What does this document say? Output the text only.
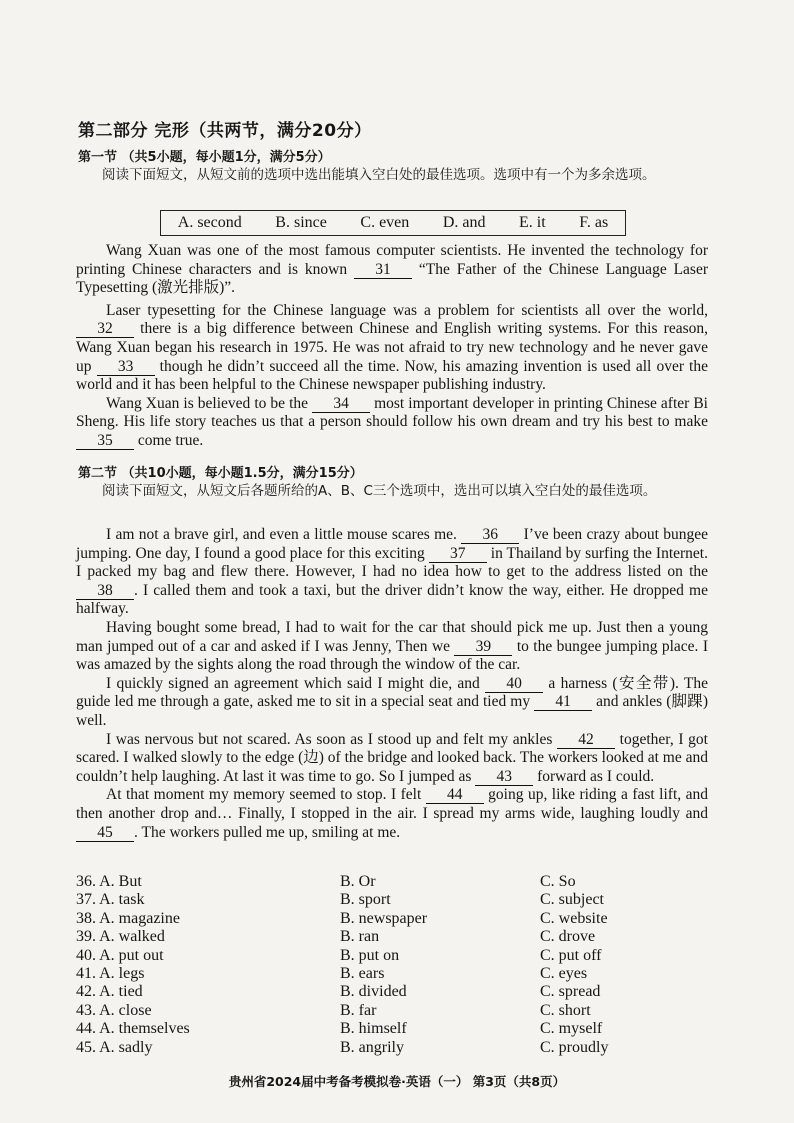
第二部分 完形（共两节，满分20分）
第一节 （共5小题，每小题1分，满分5分）
阅读下面短文，从短文前的选项中选出能填入空白处的最佳选项。选项中有一个为多余选项。
A. second B. since C. even D. and E. it F. as

Wang Xuan was one of the most famous computer scientists. He invented the technology for printing Chinese characters and is known 31 “The Father of the Chinese Language Laser Typesetting (激光排版)”.

Laser typesetting for the Chinese language was a problem for scientists all over the world, 32 there is a big difference between Chinese and English writing systems. For this reason, Wang Xuan began his research in 1975. He was not afraid to try new technology and he never gave up 33 though he didn’t succeed all the time. Now, his amazing invention is used all over the world and it has been helpful to the Chinese newspaper publishing industry.

Wang Xuan is believed to be the 34 most important developer in printing Chinese after Bi Sheng. His life story teaches us that a person should follow his own dream and try his best to make 35 come true.

第二节 （共10小题，每小题1.5分，满分15分）
阅读下面短文，从短文后各题所给的A、B、C三个选项中，选出可以填入空白处的最佳选项。

I am not a brave girl, and even a little mouse scares me. 36 I’ve been crazy about bungee jumping. One day, I found a good place for this exciting 37 in Thailand by surfing the Internet. I packed my bag and flew there. However, I had no idea how to get to the address listed on the 38 . I called them and took a taxi, but the driver didn’t know the way, either. He dropped me halfway.

Having bought some bread, I had to wait for the car that should pick me up. Just then a young man jumped out of a car and asked if I was Jenny, Then we 39 to the bungee jumping place. I was amazed by the sights along the road through the window of the car.

I quickly signed an agreement which said I might die, and 40 a harness (安全带). The guide led me through a gate, asked me to sit in a special seat and tied my 41 and ankles (脚踝) well.

I was nervous but not scared. As soon as I stood up and felt my ankles 42 together, I got scared. I walked slowly to the edge (边) of the bridge and looked back. The workers looked at me and couldn’t help laughing. At last it was time to go. So I jumped as 43 forward as I could.

At that moment my memory seemed to stop. I felt 44 going up, like riding a fast lift, and then another drop and… Finally, I stopped in the air. I spread my arms wide, laughing loudly and 45 . The workers pulled me up, smiling at me.

36. A. But	B. Or	C. So
37. A. task	B. sport	C. subject
38. A. magazine	B. newspaper	C. website
39. A. walked	B. ran	C. drove
40. A. put out	B. put on	C. put off
41. A. legs	B. ears	C. eyes
42. A. tied	B. divided	C. spread
43. A. close	B. far	C. short
44. A. themselves	B. himself	C. myself
45. A. sadly	B. angrily	C. proudly
贵州省2024届中考备考模拟卷·英语（一） 第3页（共8页）
